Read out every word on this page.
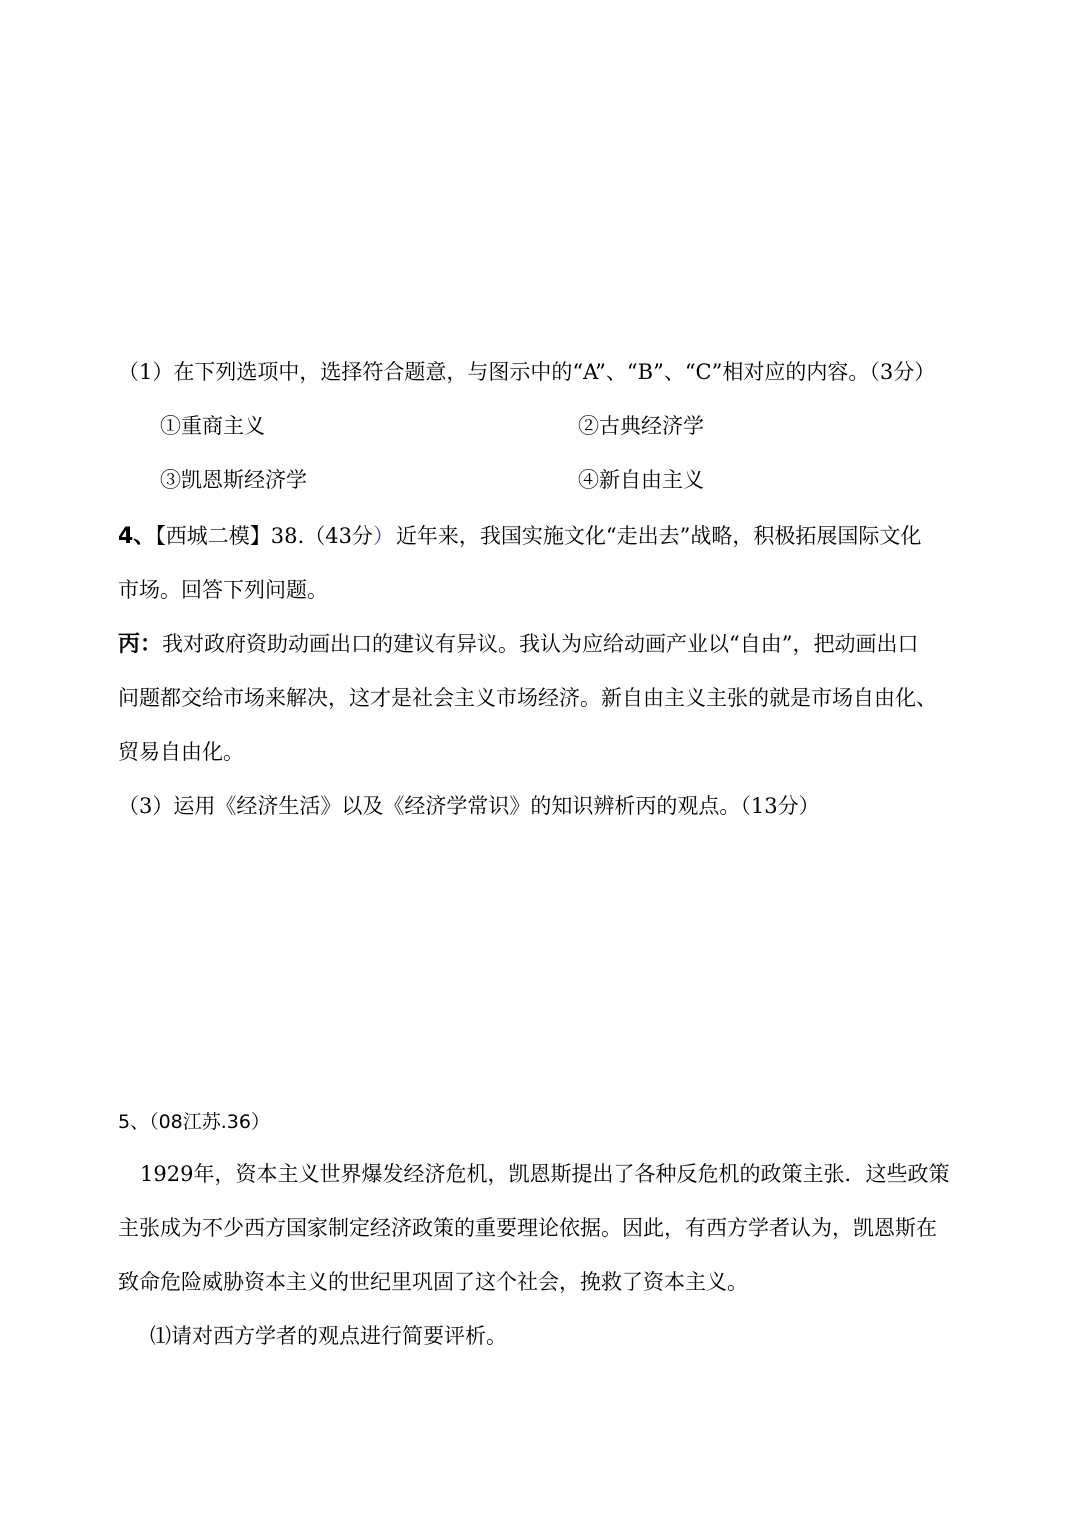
（1）在下列选项中，选择符合题意，与图示中的“A”、“B”、“C”相对应的内容。（3分）
①重商主义	②古典经济学
③凯恩斯经济学	④新自由主义
4、【西城二模】38.（43分）近年来，我国实施文化“走出去”战略，积极拓展国际文化
市场。回答下列问题。
丙：我对政府资助动画出口的建议有异议。我认为应给动画产业以“自由”，把动画出口
问题都交给市场来解决，这才是社会主义市场经济。新自由主义主张的就是市场自由化、
贸易自由化。
（3）运用《经济生活》以及《经济学常识》的知识辨析丙的观点。（13分）
5、（08江苏.36）
1929年，资本主义世界爆发经济危机，凯恩斯提出了各种反危机的政策主张．这些政策
主张成为不少西方国家制定经济政策的重要理论依据。因此，有西方学者认为，凯恩斯在
致命危险威胁资本主义的世纪里巩固了这个社会，挽救了资本主义。
⑴请对西方学者的观点进行简要评析。
